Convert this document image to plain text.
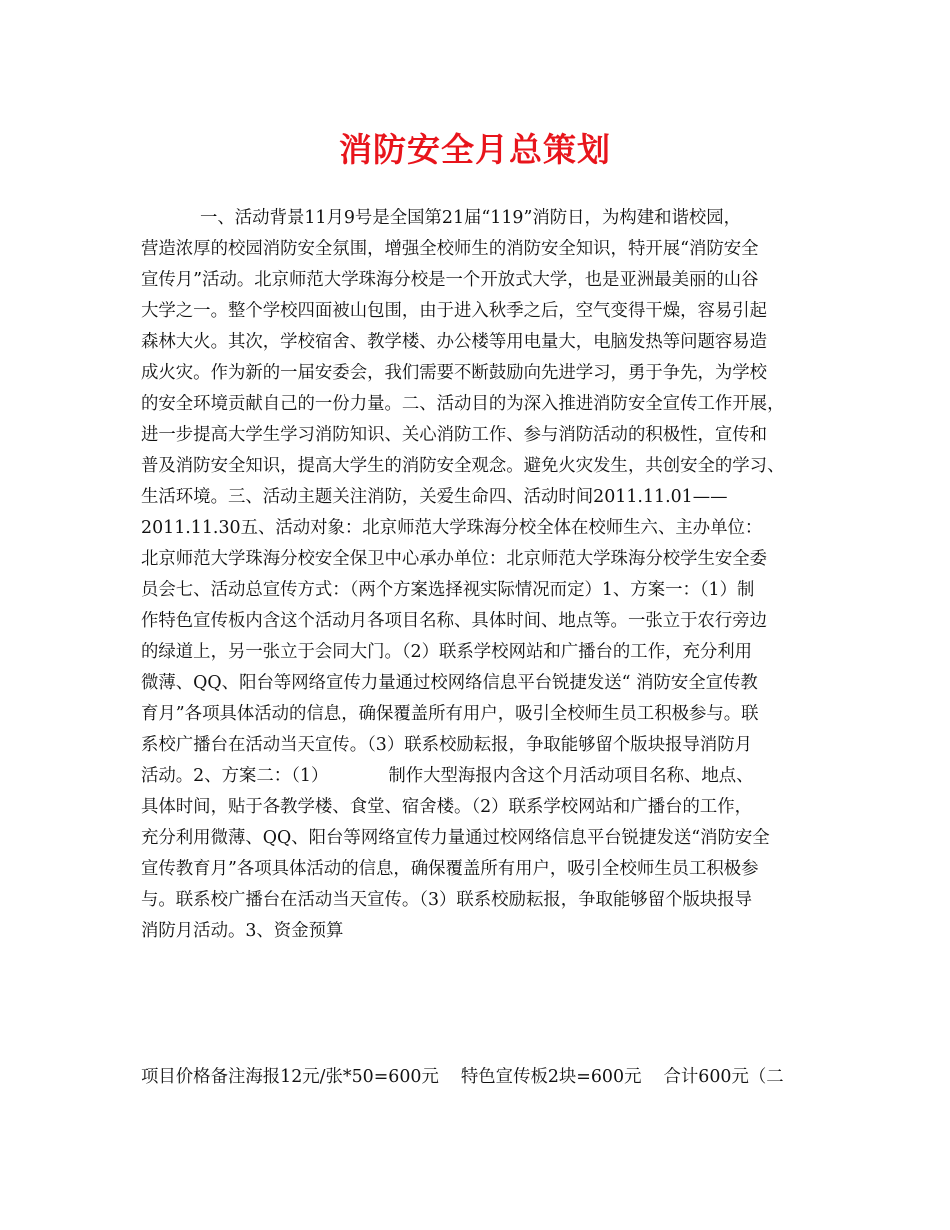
消防安全月总策划
一、活动背景11月9号是全国第21届“119”消防日，为构建和谐校园，
营造浓厚的校园消防安全氛围，增强全校师生的消防安全知识，特开展“消防安全
宣传月”活动。北京师范大学珠海分校是一个开放式大学，也是亚洲最美丽的山谷
大学之一。整个学校四面被山包围，由于进入秋季之后，空气变得干燥，容易引起
森林大火。其次，学校宿舍、教学楼、办公楼等用电量大，电脑发热等问题容易造
成火灾。作为新的一届安委会，我们需要不断鼓励向先进学习，勇于争先，为学校
的安全环境贡献自己的一份力量。二、活动目的为深入推进消防安全宣传工作开展，
进一步提高大学生学习消防知识、关心消防工作、参与消防活动的积极性，宣传和
普及消防安全知识，提高大学生的消防安全观念。避免火灾发生，共创安全的学习、
生活环境。三、活动主题关注消防，关爱生命四、活动时间2011.11.01——
2011.11.30五、活动对象：北京师范大学珠海分校全体在校师生六、主办单位：
北京师范大学珠海分校安全保卫中心承办单位：北京师范大学珠海分校学生安全委
员会七、活动总宣传方式：（两个方案选择视实际情况而定）1、方案一：（1）制
作特色宣传板内含这个活动月各项目名称、具体时间、地点等。一张立于农行旁边
的绿道上，另一张立于会同大门。（2）联系学校网站和广播台的工作，充分利用
微薄、QQ、阳台等网络宣传力量通过校网络信息平台锐捷发送“ 消防安全宣传教
育月”各项具体活动的信息，确保覆盖所有用户，吸引全校师生员工积极参与。联
系校广播台在活动当天宣传。（3）联系校励耘报，争取能够留个版块报导消防月
活动。2、方案二：（1）	制作大型海报内含这个月活动项目名称、地点、
具体时间，贴于各教学楼、食堂、宿舍楼。（2）联系学校网站和广播台的工作，
充分利用微薄、QQ、阳台等网络宣传力量通过校网络信息平台锐捷发送“消防安全
宣传教育月”各项具体活动的信息，确保覆盖所有用户，吸引全校师生员工积极参
与。联系校广播台在活动当天宣传。（3）联系校励耘报，争取能够留个版块报导
消防月活动。3、资金预算
项目价格备注海报12元/张*50=600元 特色宣传板2块=600元 合计600元（二
